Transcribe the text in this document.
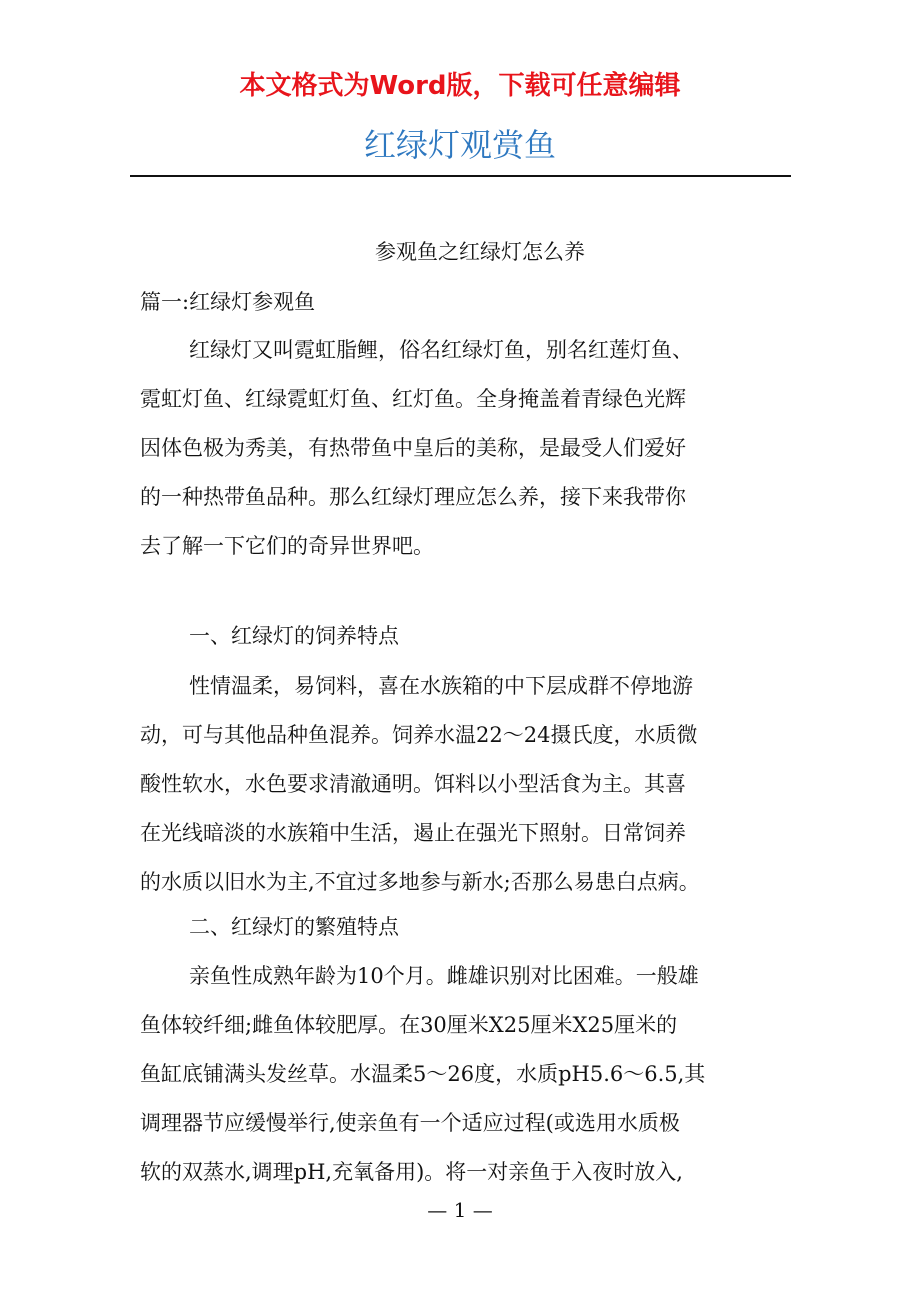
本文格式为Word版，下载可任意编辑
红绿灯观赏鱼
参观鱼之红绿灯怎么养
篇一:红绿灯参观鱼
红绿灯又叫霓虹脂鲤，俗名红绿灯鱼，别名红莲灯鱼、
霓虹灯鱼、红绿霓虹灯鱼、红灯鱼。全身掩盖着青绿色光辉
因体色极为秀美，有热带鱼中皇后的美称，是最受人们爱好
的一种热带鱼品种。那么红绿灯理应怎么养，接下来我带你
去了解一下它们的奇异世界吧。
一、红绿灯的饲养特点
性情温柔，易饲料，喜在水族箱的中下层成群不停地游
动，可与其他品种鱼混养。饲养水温22～24摄氏度，水质微
酸性软水，水色要求清澈通明。饵料以小型活食为主。其喜
在光线暗淡的水族箱中生活，遏止在强光下照射。日常饲养
的水质以旧水为主,不宜过多地参与新水;否那么易患白点病。
二、红绿灯的繁殖特点
亲鱼性成熟年龄为10个月。雌雄识别对比困难。一般雄
鱼体较纤细;雌鱼体较肥厚。在30厘米X25厘米X25厘米的
鱼缸底铺满头发丝草。水温柔5～26度，水质pH5.6～6.5,其
调理器节应缓慢举行,使亲鱼有一个适应过程(或选用水质极
软的双蒸水,调理pH,充氧备用)。将一对亲鱼于入夜时放入,
— 1 —
